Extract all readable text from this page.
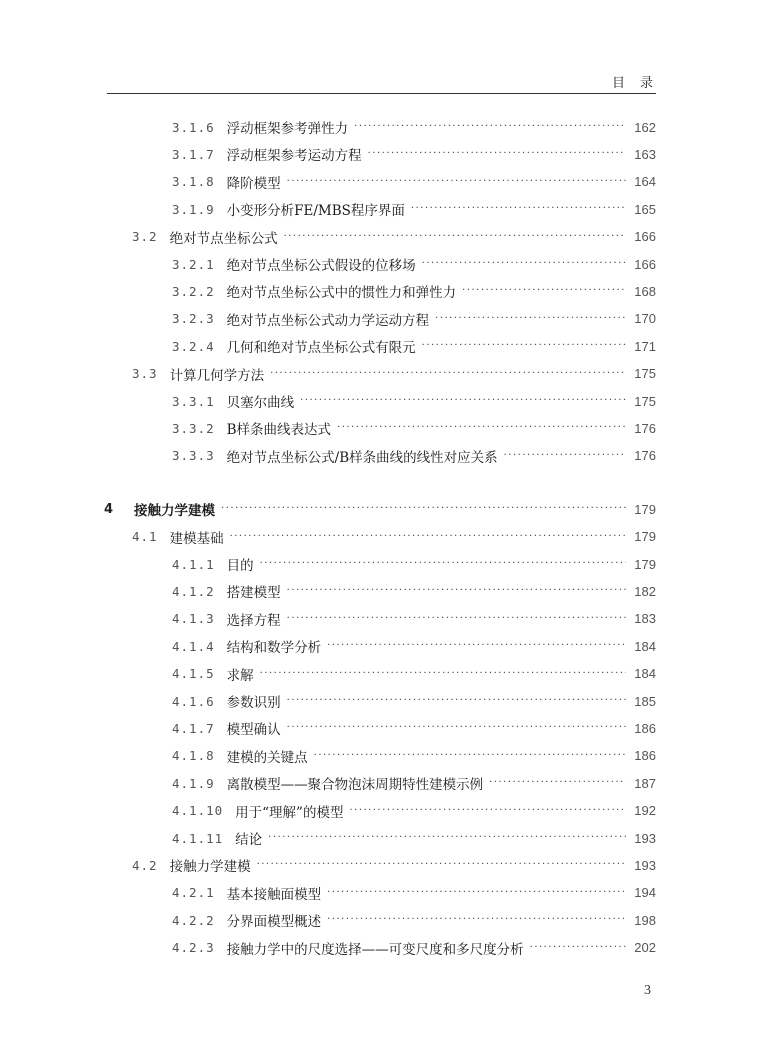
目　录
3.1.6 浮动框架参考弹性力 ·····	162
3.1.7 浮动框架参考运动方程 ·····	163
3.1.8 降阶模型 ·····	164
3.1.9 小变形分析FE/MBS程序界面 ·····	165
3.2 绝对节点坐标公式 ·····	166
3.2.1 绝对节点坐标公式假设的位移场 ·····	166
3.2.2 绝对节点坐标公式中的惯性力和弹性力 ·····	168
3.2.3 绝对节点坐标公式动力学运动方程 ·····	170
3.2.4 几何和绝对节点坐标公式有限元 ·····	171
3.3 计算几何学方法 ·····	175
3.3.1 贝塞尔曲线 ·····	175
3.3.2 B样条曲线表达式 ·····	176
3.3.3 绝对节点坐标公式/B样条曲线的线性对应关系 ·····	176
4 接触力学建模 ·····	179
4.1 建模基础 ·····	179
4.1.1 目的 ·····	179
4.1.2 搭建模型 ·····	182
4.1.3 选择方程 ·····	183
4.1.4 结构和数学分析 ·····	184
4.1.5 求解 ·····	184
4.1.6 参数识别 ·····	185
4.1.7 模型确认 ·····	186
4.1.8 建模的关键点 ·····	186
4.1.9 离散模型——聚合物泡沫周期特性建模示例 ·····	187
4.1.10 用于“理解”的模型 ·····	192
4.1.11 结论 ·····	193
4.2 接触力学建模 ·····	193
4.2.1 基本接触面模型 ·····	194
4.2.2 分界面模型概述 ·····	198
4.2.3 接触力学中的尺度选择——可变尺度和多尺度分析 ·····	202
3
